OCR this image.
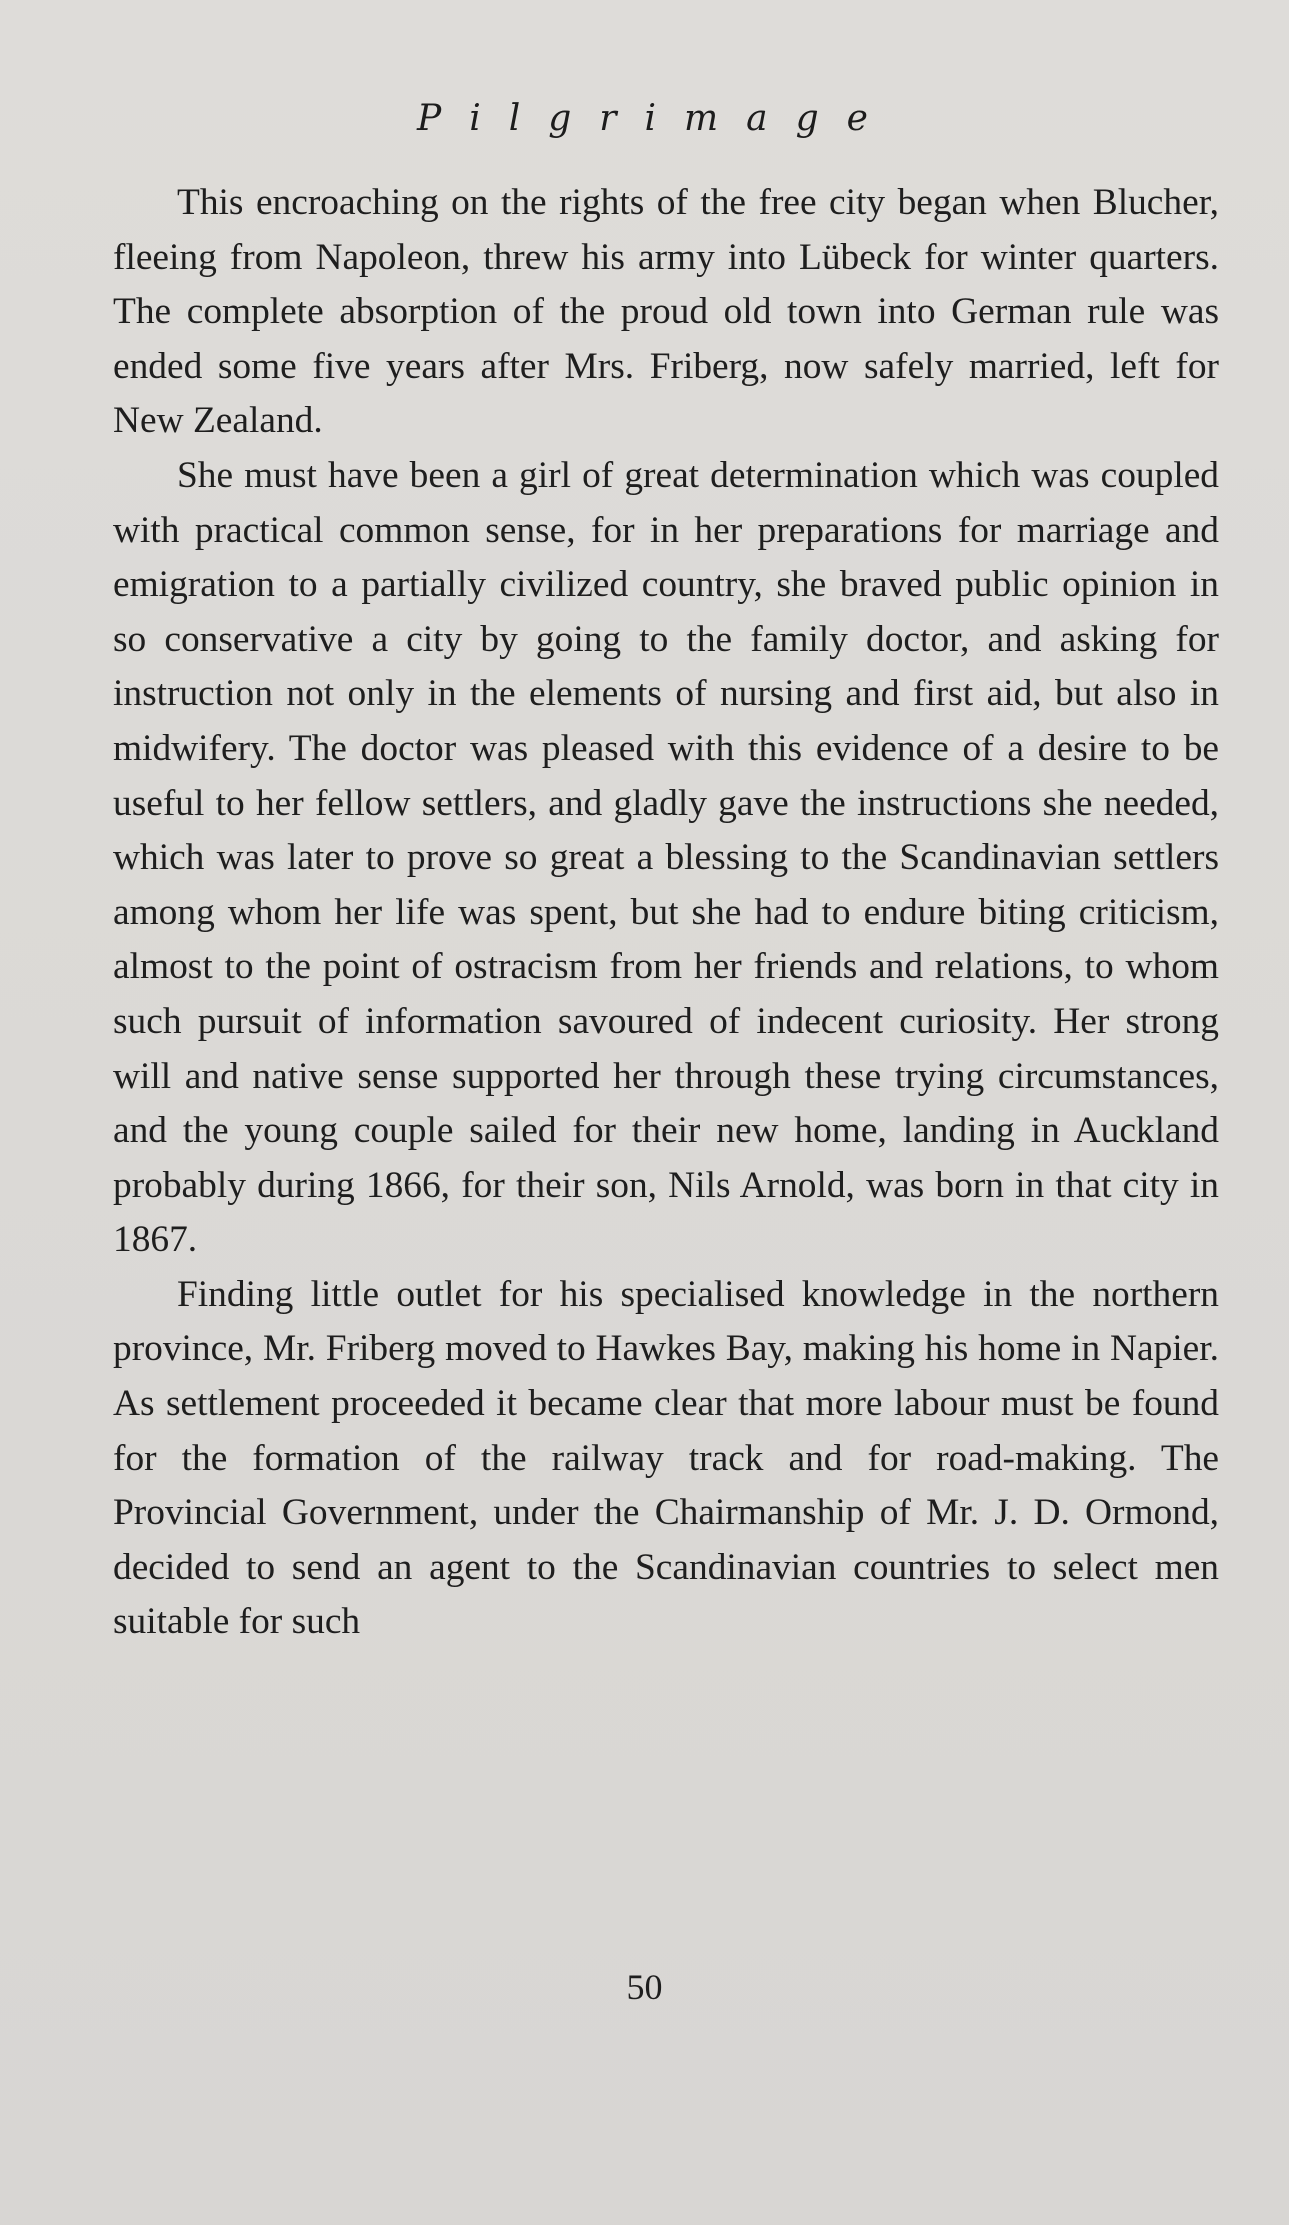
Pilgrimage

This encroaching on the rights of the free city began when Blucher, fleeing from Napoleon, threw his army into Lübeck for winter quarters. The complete absorption of the proud old town into German rule was ended some five years after Mrs. Friberg, now safely married, left for New Zealand.

She must have been a girl of great determination which was coupled with practical common sense, for in her preparations for marriage and emigration to a partially civilized country, she braved public opinion in so conservative a city by going to the family doctor, and asking for instruction not only in the elements of nursing and first aid, but also in midwifery. The doctor was pleased with this evidence of a desire to be useful to her fellow settlers, and gladly gave the instructions she needed, which was later to prove so great a blessing to the Scandinavian settlers among whom her life was spent, but she had to endure biting criticism, almost to the point of ostracism from her friends and relations, to whom such pursuit of information savoured of indecent curiosity. Her strong will and native sense supported her through these trying circumstances, and the young couple sailed for their new home, landing in Auckland probably during 1866, for their son, Nils Arnold, was born in that city in 1867.

Finding little outlet for his specialised knowledge in the northern province, Mr. Friberg moved to Hawkes Bay, making his home in Napier. As settlement proceeded it became clear that more labour must be found for the formation of the railway track and for road-making. The Provincial Government, under the Chairmanship of Mr. J. D. Ormond, decided to send an agent to the Scandinavian countries to select men suitable for such

50
